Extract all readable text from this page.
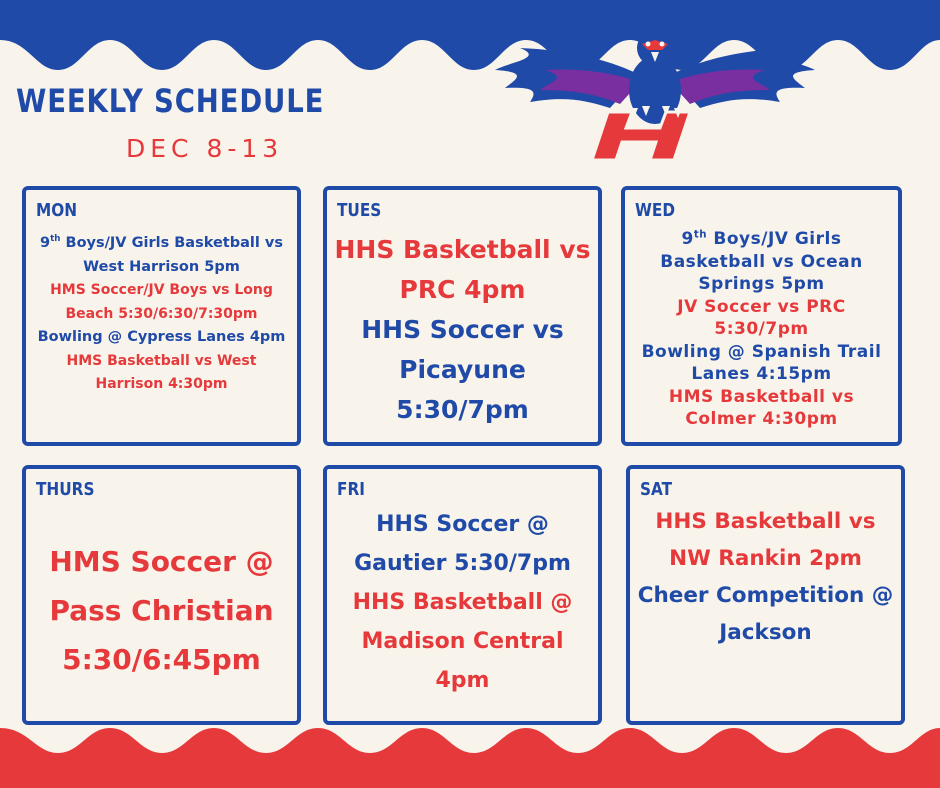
WEEKLY SCHEDULE
DEC 8-13
MON
9th Boys/JV Girls Basketball vs West Harrison 5pm
HMS Soccer/JV Boys vs Long Beach 5:30/6:30/7:30pm
Bowling @ Cypress Lanes 4pm
HMS Basketball vs West Harrison 4:30pm
TUES
HHS Basketball vs PRC 4pm
HHS Soccer vs Picayune 5:30/7pm
WED
9th Boys/JV Girls Basketball vs Ocean Springs 5pm
JV Soccer vs PRC 5:30/7pm
Bowling @ Spanish Trail Lanes 4:15pm
HMS Basketball vs Colmer 4:30pm
THURS
HMS Soccer @ Pass Christian 5:30/6:45pm
FRI
HHS Soccer @ Gautier 5:30/7pm
HHS Basketball @ Madison Central 4pm
SAT
HHS Basketball vs NW Rankin 2pm
Cheer Competition @ Jackson
